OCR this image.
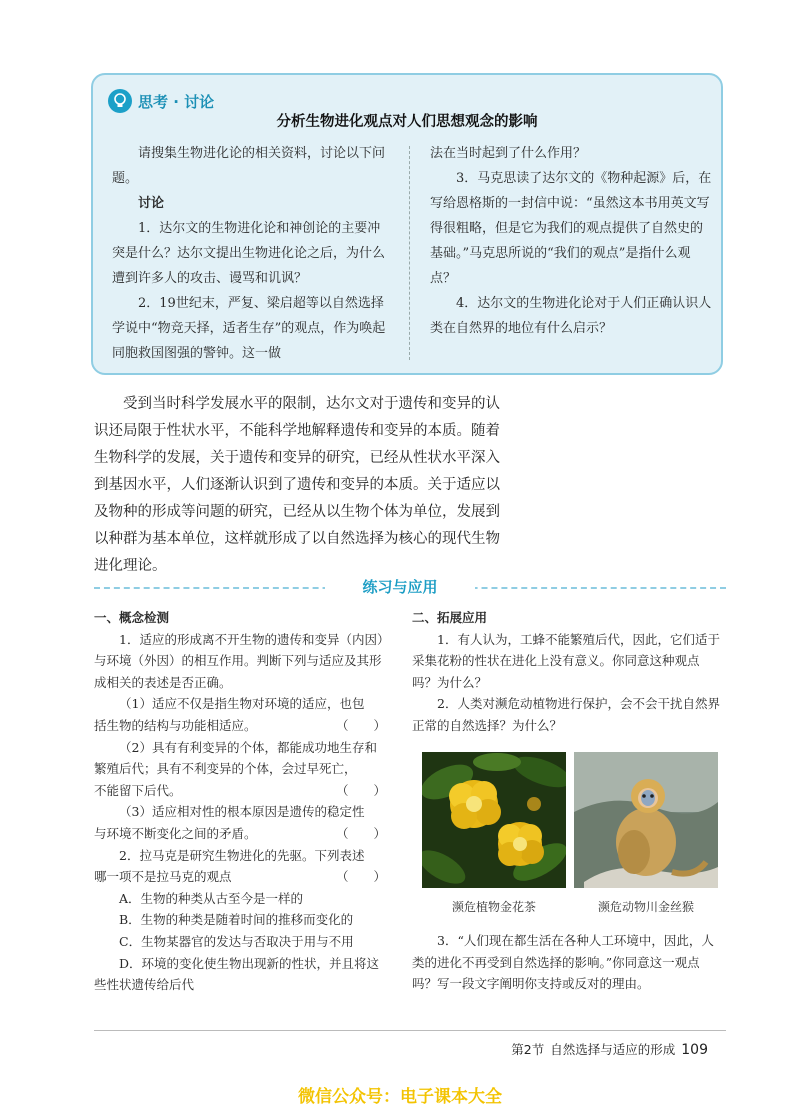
思考 · 讨论
分析生物进化观点对人们思想观念的影响

请搜集生物进化论的相关资料，讨论以下问题。

讨论

1．达尔文的生物进化论和神创论的主要冲突是什么？达尔文提出生物进化论之后，为什么遭到许多人的攻击、谩骂和讥讽？

2．19世纪末，严复、梁启超等以自然选择学说中“物竞天择，适者生存”的观点，作为唤起同胞救国图强的警钟。这一做

法在当时起到了什么作用？

3．马克思读了达尔文的《物种起源》后，在写给恩格斯的一封信中说：“虽然这本书用英文写得很粗略，但是它为我们的观点提供了自然史的基础。”马克思所说的“我们的观点”是指什么观点？

4．达尔文的生物进化论对于人们正确认识人类在自然界的地位有什么启示？

受到当时科学发展水平的限制，达尔文对于遗传和变异的认识还局限于性状水平，不能科学地解释遗传和变异的本质。随着生物科学的发展，关于遗传和变异的研究，已经从性状水平深入到基因水平，人们逐渐认识到了遗传和变异的本质。关于适应以及物种的形成等问题的研究，已经从以生物个体为单位，发展到以种群为基本单位，这样就形成了以自然选择为核心的现代生物进化理论。

练习与应用

一、概念检测

1．适应的形成离不开生物的遗传和变异（内因）与环境（外因）的相互作用。判断下列与适应及其形成相关的表述是否正确。

（1）适应不仅是指生物对环境的适应，也包

括生物的结构与功能相适应。	（　　）

（2）具有有利变异的个体，都能成功地生存和繁殖后代；具有不利变异的个体，会过早死亡，

不能留下后代。	（　　）

（3）适应相对性的根本原因是遗传的稳定性

与环境不断变化之间的矛盾。	（　　）

2．拉马克是研究生物进化的先驱。下列表述

哪一项不是拉马克的观点	（　　）

A．生物的种类从古至今是一样的

B．生物的种类是随着时间的推移而变化的

C．生物某器官的发达与否取决于用与不用

D．环境的变化使生物出现新的性状，并且将这些性状遗传给后代

二、拓展应用

1．有人认为，工蜂不能繁殖后代，因此，它们适于采集花粉的性状在进化上没有意义。你同意这种观点吗？为什么？

2．人类对濒危动植物进行保护，会不会干扰自然界正常的自然选择？为什么？

濒危植物金花茶	濒危动物川金丝猴

3．“人们现在都生活在各种人工环境中，因此，人类的进化不再受到自然选择的影响。”你同意这一观点吗？写一段文字阐明你支持或反对的理由。

第2节 自然选择与适应的形成 109
微信公众号：电子课本大全
